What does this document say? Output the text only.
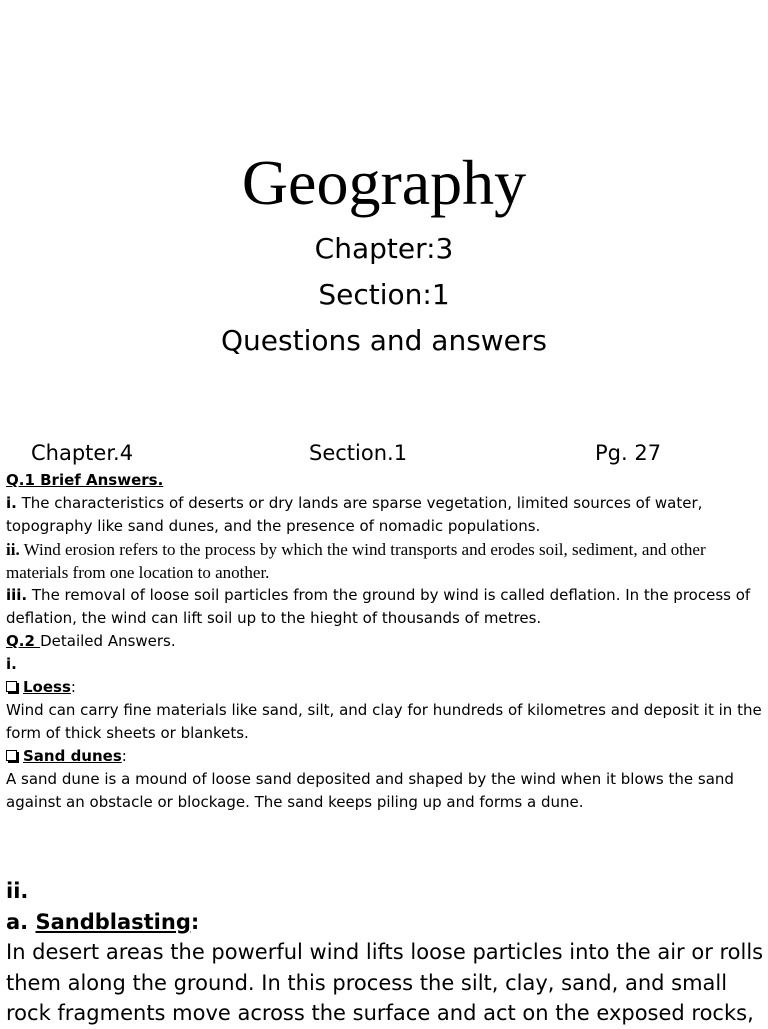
Geography
Chapter:3
Section:1
Questions and answers
Chapter.4	Section.1	Pg. 27

Q.1 Brief Answers.

i. The characteristics of deserts or dry lands are sparse vegetation, limited sources of water, topography like sand dunes, and the presence of nomadic populations.

ii. Wind erosion refers to the process by which the wind transports and erodes soil, sediment, and other materials from one location to another.

iii. The removal of loose soil particles from the ground by wind is called deflation. In the process of deflation, the wind can lift soil up to the hieght of thousands of metres.

Q.2 Detailed Answers.

i.

Loess:

Wind can carry fine materials like sand, silt, and clay for hundreds of kilometres and deposit it in the form of thick sheets or blankets.

Sand dunes:

A sand dune is a mound of loose sand deposited and shaped by the wind when it blows the sand against an obstacle or blockage. The sand keeps piling up and forms a dune.

ii.

a. Sandblasting:

In desert areas the powerful wind lifts loose particles into the air or rolls them along the ground. In this process the silt, clay, sand, and small rock fragments move across the surface and act on the exposed rocks,
